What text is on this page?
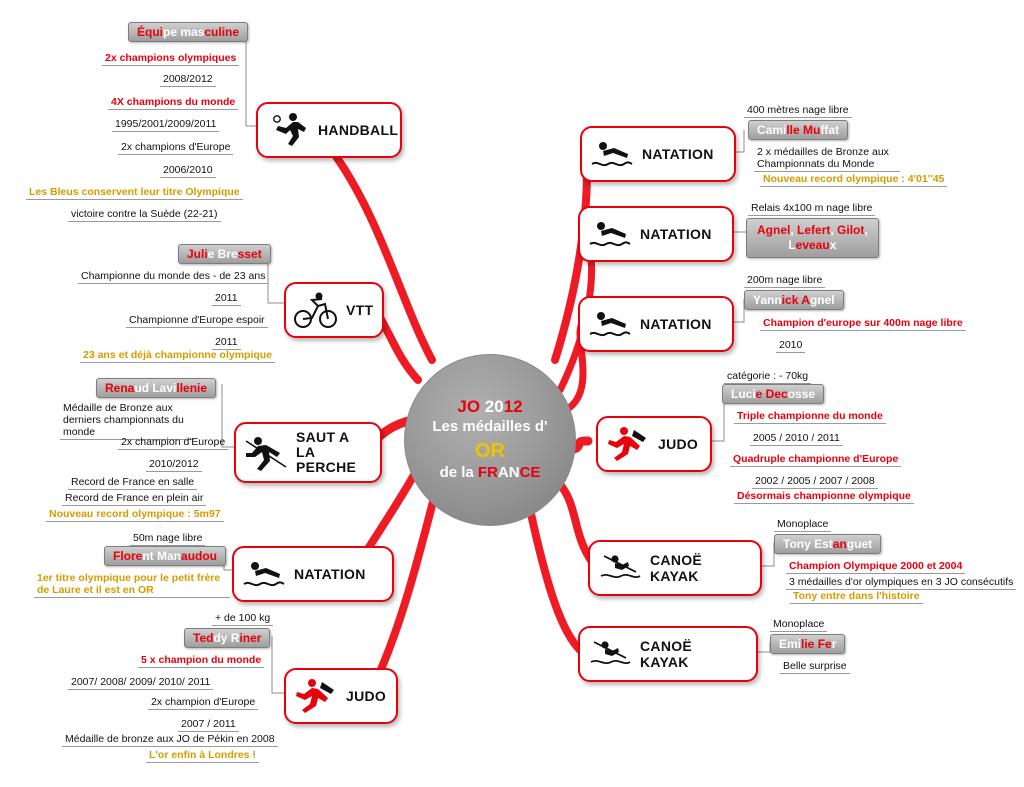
JO 2012
Les médailles d'
OR
de la FRANCE
HANDBALL
Équipe masculine
2x champions olympiques
2008/2012
4X champions du monde
1995/2001/2009/2011
2x champions d'Europe
2006/2010
Les Bleus conservent leur titre Olympique
victoire contre la Suède (22-21)
VTT
Julie Bresset
Championne du monde des - de 23 ans
2011
Championne d'Europe espoir
2011
23 ans et déjà championne olympique
SAUT A LA PERCHE
Renaud Lavillenie
Médaille de Bronze aux derniers championnats du monde
2x champion d'Europe
2010/2012
Record de France en salle
Record de France en plein air
Nouveau record olympique : 5m97
NATATION
50m nage libre
Florent Manaudou
1er titre olympique pour le petit frère de Laure et il est en OR
JUDO
+ de 100 kg
Teddy Riner
5 x champion du monde
2007/ 2008/ 2009/ 2010/ 2011
2x champion d'Europe
2007 / 2011
Médaille de bronze aux JO de Pékin en 2008
L'or enfin à Londres !
NATATION
400 mètres nage libre
Camille Muffat
2 x médailles de Bronze aux Championnats du Monde
Nouveau record olympique : 4'01''45
NATATION
Relais 4x100 m nage libre
Agnel, Lefert, Gilot,
Leveaux
NATATION
200m nage libre
Yannick Agnel
Champion d'europe sur 400m nage libre
2010
JUDO
catégorie : - 70kg
Lucie Decosse
Triple championne du monde
2005 / 2010 / 2011
Quadruple championne d'Europe
2002 / 2005 / 2007 / 2008
Désormais championne olympique
CANOË KAYAK
Monoplace
Tony Estanguet
Champion Olympique 2000 et 2004
3 médailles d'or olympiques en 3 JO consécutifs
Tony entre dans l'histoire
CANOË KAYAK
Monoplace
Emilie Fer
Belle surprise
